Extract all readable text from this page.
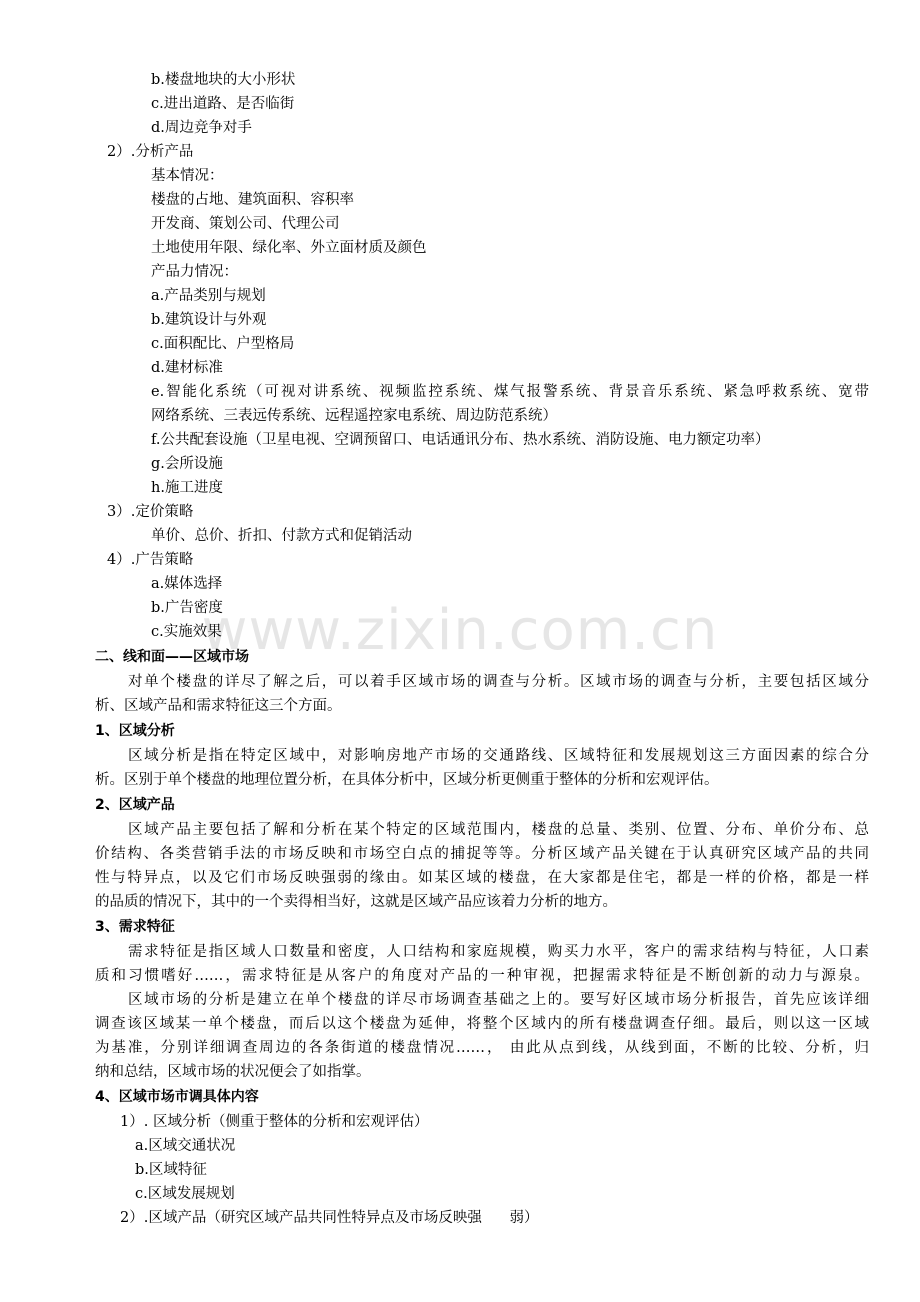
www.zixin.com.cn
b.楼盘地块的大小形状
c.进出道路、是否临街
d.周边竞争对手
2）.分析产品
基本情况：
楼盘的占地、建筑面积、容积率
开发商、策划公司、代理公司
土地使用年限、绿化率、外立面材质及颜色
产品力情况：
a.产品类别与规划
b.建筑设计与外观
c.面积配比、户型格局
d.建材标准
e.智能化系统（可视对讲系统、视频监控系统、煤气报警系统、背景音乐系统、紧急呼救系统、宽带
网络系统、三表远传系统、远程遥控家电系统、周边防范系统）
f.公共配套设施（卫星电视、空调预留口、电话通讯分布、热水系统、消防设施、电力额定功率）
g.会所设施
h.施工进度
3）.定价策略
单价、总价、折扣、付款方式和促销活动
4）.广告策略
a.媒体选择
b.广告密度
c.实施效果
二、线和面——区域市场
对单个楼盘的详尽了解之后，可以着手区域市场的调查与分析。区域市场的调查与分析，主要包括区域分
析、区域产品和需求特征这三个方面。
1、区域分析
区域分析是指在特定区域中，对影响房地产市场的交通路线、区域特征和发展规划这三方面因素的综合分
析。区别于单个楼盘的地理位置分析，在具体分析中，区域分析更侧重于整体的分析和宏观评估。
2、区域产品
区域产品主要包括了解和分析在某个特定的区域范围内，楼盘的总量、类别、位置、分布、单价分布、总
价结构、各类营销手法的市场反映和市场空白点的捕捉等等。分析区域产品关键在于认真研究区域产品的共同
性与特异点，以及它们市场反映强弱的缘由。如某区域的楼盘，在大家都是住宅，都是一样的价格，都是一样
的品质的情况下，其中的一个卖得相当好，这就是区域产品应该着力分析的地方。
3、需求特征
需求特征是指区域人口数量和密度，人口结构和家庭规模，购买力水平，客户的需求结构与特征，人口素
质和习惯嗜好……，需求特征是从客户的角度对产品的一种审视，把握需求特征是不断创新的动力与源泉。
区域市场的分析是建立在单个楼盘的详尽市场调查基础之上的。要写好区域市场分析报告，首先应该详细
调查该区域某一单个楼盘，而后以这个楼盘为延伸，将整个区域内的所有楼盘调查仔细。最后，则以这一区域
为基准，分别详细调查周边的各条街道的楼盘情况……， 由此从点到线，从线到面，不断的比较、分析，归
纳和总结，区域市场的状况便会了如指掌。
4、区域市场市调具体内容
1）. 区域分析（侧重于整体的分析和宏观评估）
a.区域交通状况
b.区域特征
c.区域发展规划
2）.区域产品（研究区域产品共同性特异点及市场反映强      弱）
